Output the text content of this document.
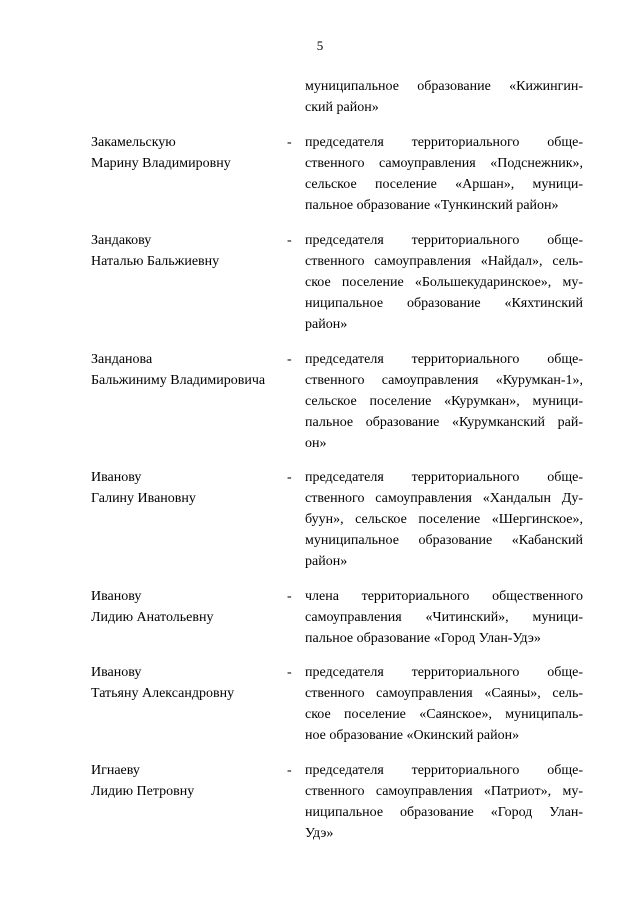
5
муниципальное образование «Кижингин-
ский район»
Закамельскую
Марину Владимировну
- председателя территориального обще-
ственного самоуправления «Подснежник»,
сельское поселение «Аршан», муници-
пальное образование «Тункинский район»
Зандакову
Наталью Бальжиевну
- председателя территориального обще-
ственного самоуправления «Найдал», сель-
ское поселение «Большекударинское», му-
ниципальное образование «Кяхтинский
район»
Занданова
Бальжиниму Владимировича
- председателя территориального обще-
ственного самоуправления «Курумкан-1»,
сельское поселение «Курумкан», муници-
пальное образование «Курумканский рай-
он»
Иванову
Галину Ивановну
- председателя территориального обще-
ственного самоуправления «Хандалын Ду-
буун», сельское поселение «Шергинское»,
муниципальное образование «Кабанский
район»
Иванову
Лидию Анатольевну
- члена территориального общественного
самоуправления «Читинский», муници-
пальное образование «Город Улан-Удэ»
Иванову
Татьяну Александровну
- председателя территориального обще-
ственного самоуправления «Саяны», сель-
ское поселение «Саянское», муниципаль-
ное образование «Окинский район»
Игнаеву
Лидию Петровну
- председателя территориального обще-
ственного самоуправления «Патриот», му-
ниципальное образование «Город Улан-
Удэ»
